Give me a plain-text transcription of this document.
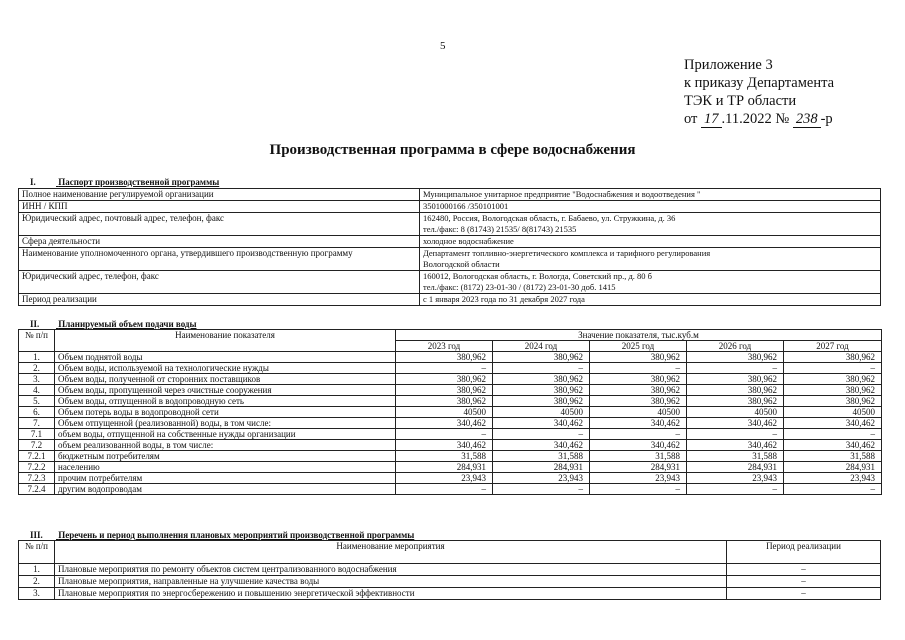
5
Приложение 3
к приказу Департамента
ТЭК и ТР области
от 17 .11.2022 № 238 -р
Производственная программа в сфере водоснабжения
I. Паспорт производственной программы
Полное наименование регулируемой организации	Муниципальное унитарное предприятие "Водоснабжения и водоотведения "

ИНН / КПП	3501000166 /350101001

Юридический адрес, почтовый адрес, телефон, факс	162480, Россия, Вологодская область, г. Бабаево, ул. Стружкина, д. 36
тел./факс: 8 (81743) 21535/ 8(81743) 21535

Сфера деятельности	холодное водоснабжение

Наименование уполномоченного органа, утвердившего производственную программу	Департамент топливно-энергетического комплекса и тарифного регулирования
Вологодской области

Юридический адрес, телефон, факс	160012, Вологодская область, г. Вологда, Советский пр., д. 80 б
тел./факс: (8172) 23-01-30 / (8172) 23-01-30 доб. 1415

Период реализации	с 1 января 2023 года по 31 декабря 2027 года
II. Планируемый объем подачи воды
№ п/п	Наименование показателя	Значение показателя, тыс.куб.м				
		2023 год	2024 год	2025 год	2026 год	2027 год
1.	Объем поднятой воды	380,962	380,962	380,962	380,962	380,962
2.	Объем воды, используемой на технологические нужды	–	–	–	–	–
3.	Объем воды, полученной от сторонних поставщиков	380,962	380,962	380,962	380,962	380,962
4.	Объем воды, пропущенной через очистные сооружения	380,962	380,962	380,962	380,962	380,962
5.	Объем воды, отпущенной в водопроводную сеть	380,962	380,962	380,962	380,962	380,962
6.	Объем потерь воды в водопроводной сети	40500	40500	40500	40500	40500
7.	Объем отпущенной (реализованной) воды, в том числе:	340,462	340,462	340,462	340,462	340,462
7.1	объем воды, отпущенной на собственные нужды организации	–	–	–	–	–
7.2	объем реализованной воды, в том числе:	340,462	340,462	340,462	340,462	340,462
7.2.1	бюджетным потребителям	31,588	31,588	31,588	31,588	31,588
7.2.2	населению	284,931	284,931	284,931	284,931	284,931
7.2.3	прочим потребителям	23,943	23,943	23,943	23,943	23,943
7.2.4	другим водопроводам	–	–	–	–	–
III. Перечень и период выполнения плановых мероприятий производственной программы
№ п/п	Наименование мероприятия	Период реализации
1.	Плановые мероприятия по ремонту объектов систем централизованного водоснабжения	–
2.	Плановые мероприятия, направленные на улучшение качества воды	–
3.	Плановые мероприятия по энергосбережению и повышению энергетической эффективности	–
